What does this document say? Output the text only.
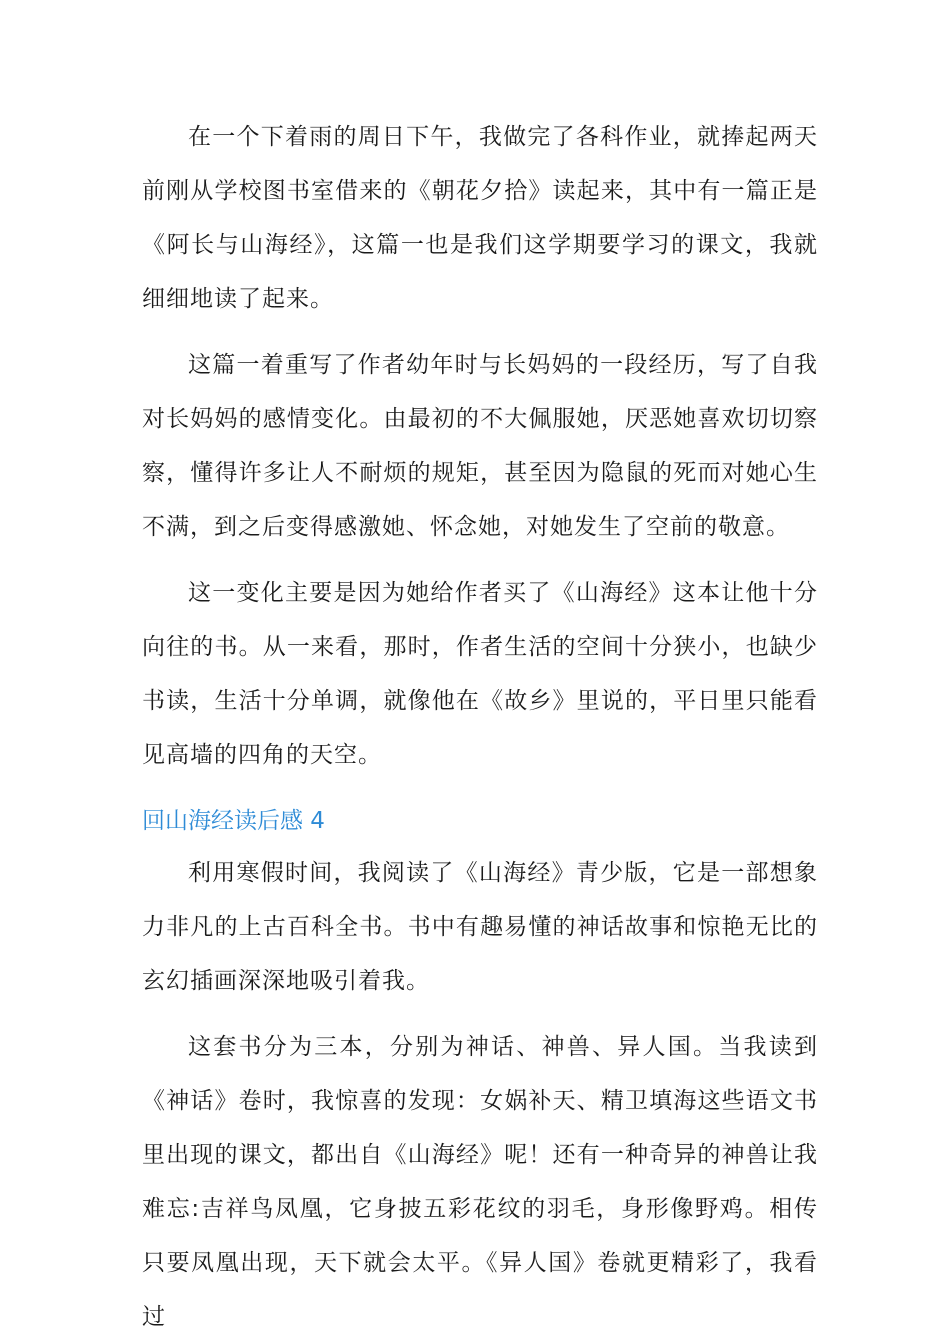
在一个下着雨的周日下午，我做完了各科作业，就捧起两天前刚从学校图书室借来的《朝花夕拾》读起来，其中有一篇正是《阿长与山海经》，这篇一也是我们这学期要学习的课文，我就细细地读了起来。

这篇一着重写了作者幼年时与长妈妈的一段经历，写了自我对长妈妈的感情变化。由最初的不大佩服她，厌恶她喜欢切切察察，懂得许多让人不耐烦的规矩，甚至因为隐鼠的死而对她心生不满，到之后变得感激她、怀念她，对她发生了空前的敬意。

这一变化主要是因为她给作者买了《山海经》这本让他十分向往的书。从一来看，那时，作者生活的空间十分狭小，也缺少书读，生活十分单调，就像他在《故乡》里说的，平日里只能看见高墙的四角的天空。

回山海经读后感 4

利用寒假时间，我阅读了《山海经》青少版，它是一部想象力非凡的上古百科全书。书中有趣易懂的神话故事和惊艳无比的玄幻插画深深地吸引着我。

这套书分为三本，分别为神话、神兽、异人国。当我读到《神话》卷时，我惊喜的发现：女娲补天、精卫填海这些语文书里出现的课文，都出自《山海经》呢！还有一种奇异的神兽让我难忘:吉祥鸟凤凰，它身披五彩花纹的羽毛，身形像野鸡。相传只要凤凰出现，天下就会太平。《异人国》卷就更精彩了，我看过
